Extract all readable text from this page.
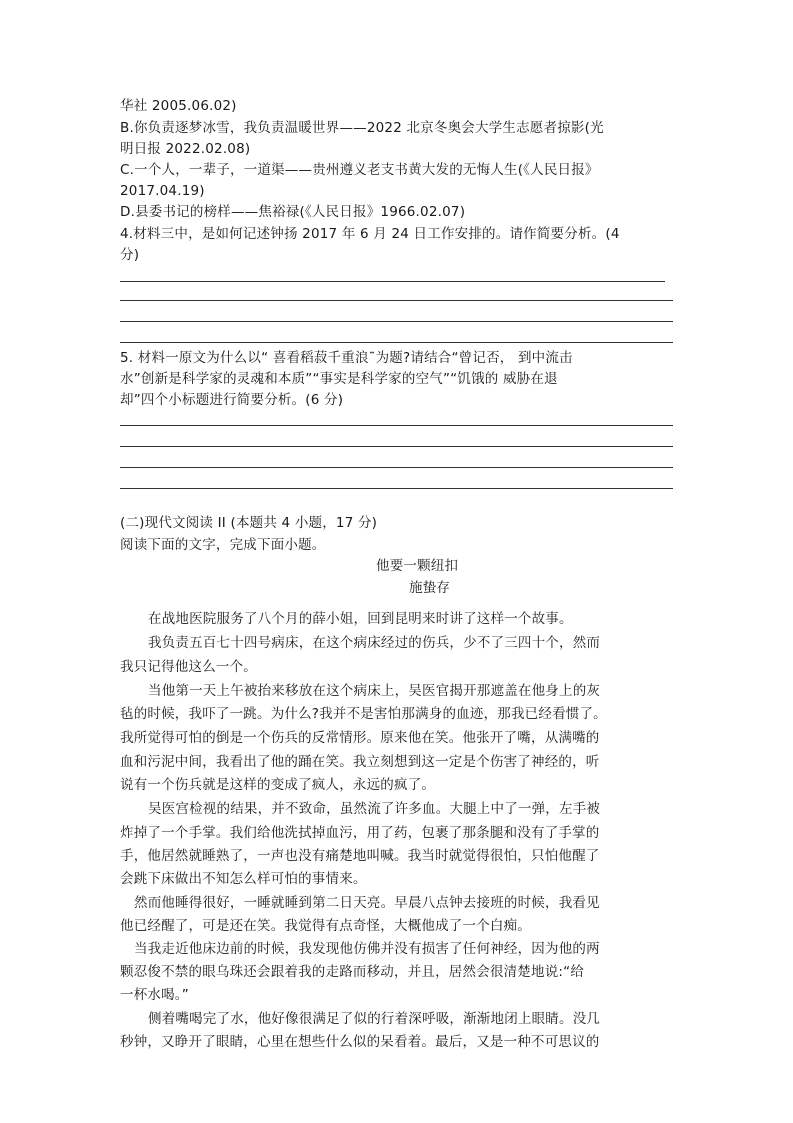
华社 2005.06.02)
B.你负责逐梦冰雪，我负责温暖世界——2022 北京冬奥会大学生志愿者掠影(光
明日报 2022.02.08)
C.一个人，一辈子，一道渠——贵州遵义老支书黄大发的无悔人生(《人民日报》
2017.04.19)
D.县委书记的榜样——焦裕禄(《人民日报》1966.02.07)
4.材料三中，是如何记述钟扬 2017 年 6 月 24 日工作安排的。请作简要分析。(4
分)
5. 材料一原文为什么以“ 喜看稻菽千重浪˜为题?请结合“曾记否， 到中流击
水”创新是科学家的灵魂和本质”“事实是科学家的空气”“饥饿的 威胁在退
却”四个小标题进行简要分析。(6 分)
(二)现代文阅读 II (本题共 4 小题，17 分)
阅读下面的文字，完成下面小题。
他要一颗纽扣
施蛰存
在战地医院服务了八个月的薛小姐，回到昆明来时讲了这样一个故事。
我负责五百七十四号病床，在这个病床经过的伤兵，少不了三四十个，然而
我只记得他这么一个。
当他第一天上午被抬来移放在这个病床上，吴医官揭开那遮盖在他身上的灰
毡的时候，我吓了一跳。为什么?我并不是害怕那满身的血迹，那我已经看惯了。
我所觉得可怕的倒是一个伤兵的反常情形。原来他在笑。他张开了嘴，从满嘴的
血和污泥中间，我看出了他的踊在笑。我立刻想到这一定是个伤害了神经的，听
说有一个伤兵就是这样的变成了疯人，永远的疯了。
吴医宫检视的结果，并不致命，虽然流了许多血。大腿上中了一弹，左手被
炸掉了一个手掌。我们给他洗拭掉血污，用了药，包裹了那条腿和没有了手掌的
手，他居然就睡熟了，一声也没有痛楚地叫喊。我当时就觉得很怕，只怕他醒了
会跳下床做出不知怎么样可怕的事情来。
然而他睡得很好，一睡就睡到第二日天亮。早晨八点钟去接班的时候，我看见
他已经醒了，可是还在笑。我觉得有点奇怪，大概他成了一个白痴。
当我走近他床边前的时候，我发现他仿佛并没有损害了任何神经，因为他的两
颗忍俊不禁的眼乌珠还会跟着我的走路而移动，并且，居然会很清楚地说:“给
一杯水喝。”
侧着嘴喝完了水，他好像很满足了似的行着深呼吸，渐渐地闭上眼睛。没几
秒钟，又睁开了眼睛，心里在想些什么似的呆看着。最后，又是一种不可思议的
